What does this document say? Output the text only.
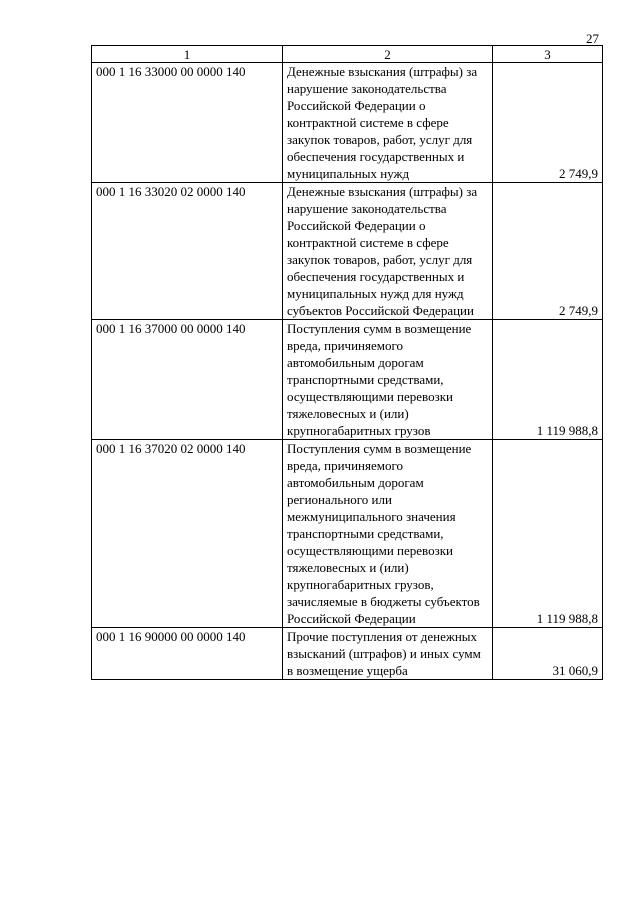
27
1	2	3
000 1 16 33000 00 0000 140	Денежные взыскания (штрафы) за нарушение законодательства Российской Федерации о контрактной системе в сфере закупок товаров, работ, услуг для обеспечения государственных и муниципальных нужд	2 749,9
000 1 16 33020 02 0000 140	Денежные взыскания (штрафы) за нарушение законодательства Российской Федерации о контрактной системе в сфере закупок товаров, работ, услуг для обеспечения государственных и муниципальных нужд для нужд субъектов Российской Федерации	2 749,9
000 1 16 37000 00 0000 140	Поступления сумм в возмещение вреда, причиняемого автомобильным дорогам транспортными средствами, осуществляющими перевозки тяжеловесных и (или) крупногабаритных грузов	1 119 988,8
000 1 16 37020 02 0000 140	Поступления сумм в возмещение вреда, причиняемого автомобильным дорогам регионального или межмуниципального значения транспортными средствами, осуществляющими перевозки тяжеловесных и (или) крупногабаритных грузов, зачисляемые в бюджеты субъектов Российской Федерации	1 119 988,8
000 1 16 90000 00 0000 140	Прочие поступления от денежных взысканий (штрафов) и иных сумм в возмещение ущерба	31 060,9
